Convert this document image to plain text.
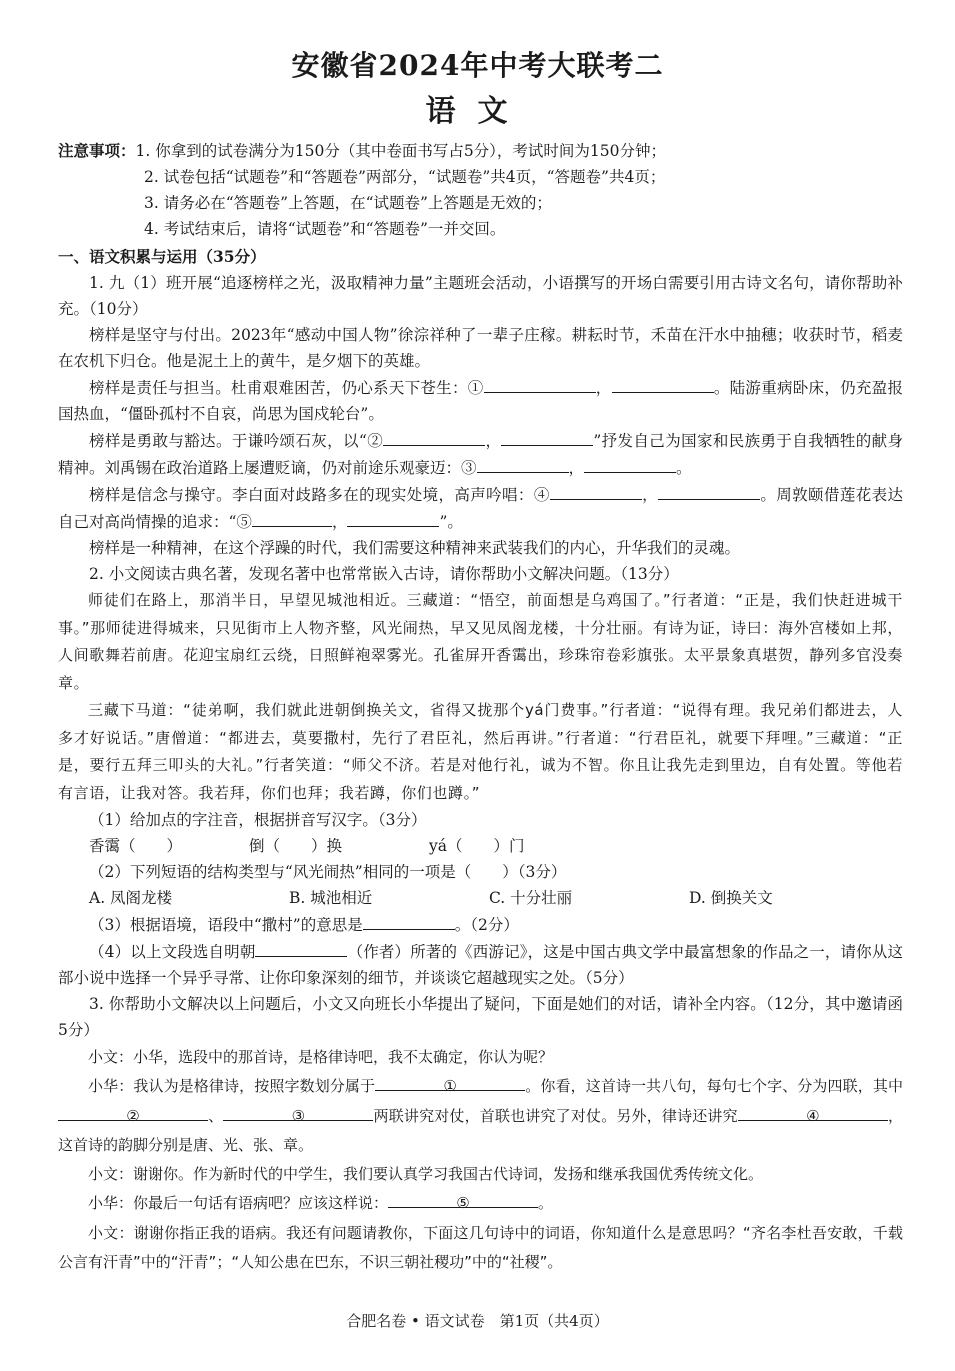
安徽省2024年中考大联考二
语文
注意事项：1. 你拿到的试卷满分为150分（其中卷面书写占5分），考试时间为150分钟；
2. 试卷包括“试题卷”和“答题卷”两部分，“试题卷”共4页，“答题卷”共4页；
3. 请务必在“答题卷”上答题，在“试题卷”上答题是无效的；
4. 考试结束后，请将“试题卷”和“答题卷”一并交回。
一、语文积累与运用（35分）

1. 九（1）班开展“追逐榜样之光，汲取精神力量”主题班会活动，小语撰写的开场白需要引用古诗文名句，请你帮助补充。（10分）

榜样是坚守与付出。2023年“感动中国人物”徐淙祥种了一辈子庄稼。耕耘时节，禾苗在汗水中抽穗；收获时节，稻麦在农机下归仓。他是泥土上的黄牛，是夕烟下的英雄。

榜样是责任与担当。杜甫艰难困苦，仍心系天下苍生：①	，	。陆游重病卧床，仍充盈报国热血，“僵卧孤村不自哀，尚思为国戍轮台”。

榜样是勇敢与豁达。于谦吟颂石灰，以“②	，	”抒发自己为国家和民族勇于自我牺牲的献身精神。刘禹锡在政治道路上屡遭贬谪，仍对前途乐观豪迈：③	，	。

榜样是信念与操守。李白面对歧路多在的现实处境，高声吟唱：④	，	。周敦颐借莲花表达自己对高尚情操的追求：“⑤	，	”。

榜样是一种精神，在这个浮躁的时代，我们需要这种精神来武装我们的内心，升华我们的灵魂。

2. 小文阅读古典名著，发现名著中也常常嵌入古诗，请你帮助小文解决问题。（13分）

师徒们在路上，那消半日，早望见城池相近。三藏道：“悟空，前面想是乌鸡国了。”行者道：“正是，我们快赶进城干事。”那师徒进得城来，只见街市上人物齐整，风光闹热，早又见凤阁龙楼，十分壮丽。有诗为证，诗曰：海外宫楼如上邦，人间歌舞若前唐。花迎宝扇红云绕，日照鲜袍翠雾光。孔雀屏开香霭出，珍珠帘卷彩旗张。太平景象真堪贺，静列多官没奏章。

三藏下马道：“徒弟啊，我们就此进朝倒换关文，省得又拢那个yá门费事。”行者道：“说得有理。我兄弟们都进去，人多才好说话。”唐僧道：“都进去，莫要撒村，先行了君臣礼，然后再讲。”行者道：“行君臣礼，就要下拜哩。”三藏道：“正是，要行五拜三叩头的大礼。”行者笑道：“师父不济。若是对他行礼，诚为不智。你且让我先走到里边，自有处置。等他若有言语，让我对答。我若拜，你们也拜；我若蹲，你们也蹲。”

（1）给加点的字注音，根据拼音写汉字。（3分）

香霭（　　）	倒（　　）换	yá（　　）门

（2）下列短语的结构类型与“风光闹热”相同的一项是（　　）（3分）

A. 凤阁龙楼	B. 城池相近	C. 十分壮丽	D. 倒换关文

（3）根据语境，语段中“撒村”的意思是	。（2分）

（4）以上文段选自明朝	（作者）所著的《西游记》，这是中国古典文学中最富想象的作品之一，请你从这部小说中选择一个异乎寻常、让你印象深刻的细节，并谈谈它超越现实之处。（5分）

3. 你帮助小文解决以上问题后，小文又向班长小华提出了疑问，下面是她们的对话，请补全内容。（12分，其中邀请函5分）

小文：小华，选段中的那首诗，是格律诗吧，我不太确定，你认为呢？

小华：我认为是格律诗，按照字数划分属于	①	。你看，这首诗一共八句，每句七个字、分为四联，其中②	、	③	两联讲究对仗，首联也讲究了对仗。另外，律诗还讲究	④	，这首诗的韵脚分别是唐、光、张、章。

小文：谢谢你。作为新时代的中学生，我们要认真学习我国古代诗词，发扬和继承我国优秀传统文化。

小华：你最后一句话有语病吧？应该这样说：	⑤	。

小文：谢谢你指正我的语病。我还有问题请教你，下面这几句诗中的词语，你知道什么是意思吗？“齐名李杜吾安敢，千载公言有汗青”中的“汗青”；“人知公患在巴东，不识三朝社稷功”中的“社稷”。

合肥名卷 • 语文试卷　第1页（共4页）
